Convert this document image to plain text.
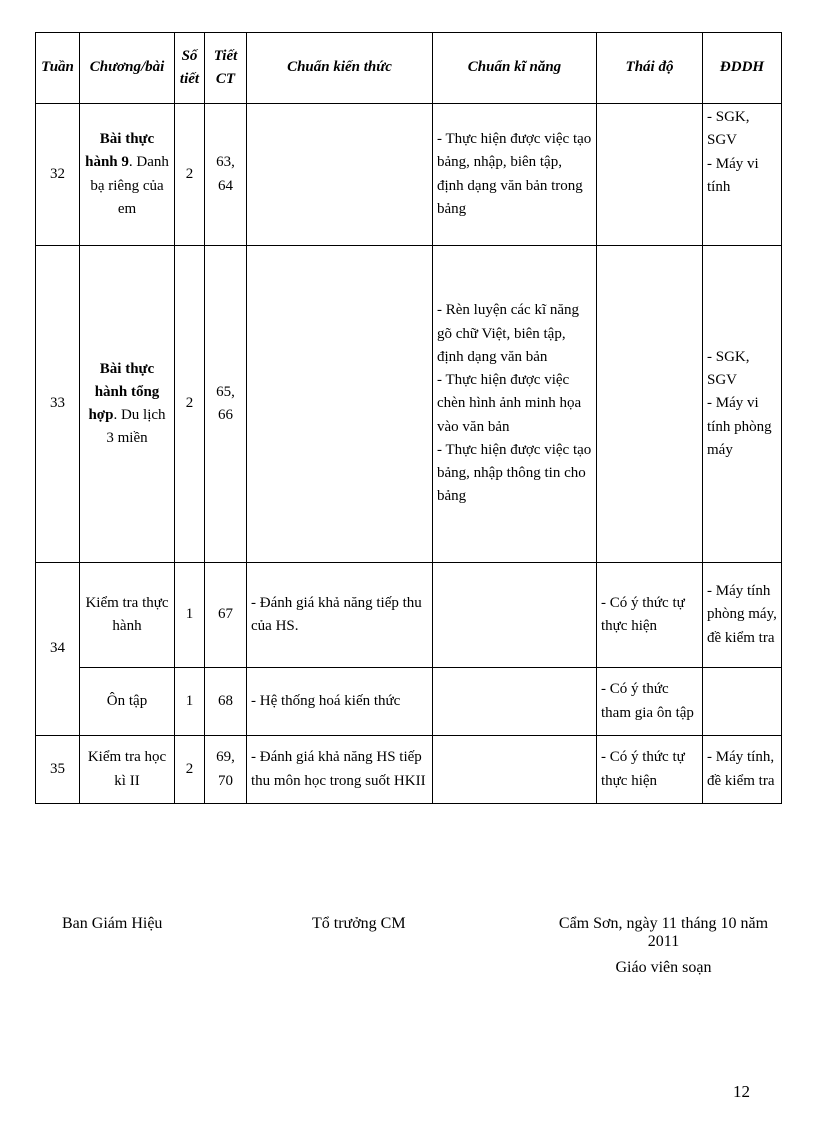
Tuần	Chương/bài	Số tiết	Tiết CT	Chuẩn kiến thức	Chuẩn kĩ năng	Thái độ	ĐDDH
32	Bài thực hành 9. Danh bạ riêng của em	2	63, 64		- Thực hiện được việc tạo bảng, nhập, biên tập, định dạng văn bản trong bảng		- SGK, SGV
- Máy vi tính

33	Bài thực hành tổng hợp. Du lịch 3 miền	2	65, 66		- Rèn luyện các kĩ năng gõ chữ Việt, biên tập, định dạng văn bản
- Thực hiện được việc chèn hình ảnh minh họa vào văn bản
- Thực hiện được việc tạo bảng, nhập thông tin cho bảng		- SGK, SGV
- Máy vi tính phòng máy

34	Kiểm tra thực hành	1	67	- Đánh giá khả năng tiếp thu của HS.		- Có ý thức tự thực hiện	- Máy tính phòng máy, đề kiểm tra

	Ôn tập	1	68	- Hệ thống hoá kiến thức		- Có ý thức tham gia ôn tập	
35	Kiểm tra học kì II	2	69, 70	- Đánh giá khả năng HS tiếp thu môn học trong suốt HKII		- Có ý thức tự thực hiện	- Máy tính, đề kiểm tra
Ban Giám Hiệu	Tổ trưởng CM	Cẩm Sơn, ngày 11 tháng 10 năm 2011
Giáo viên soạn
12
